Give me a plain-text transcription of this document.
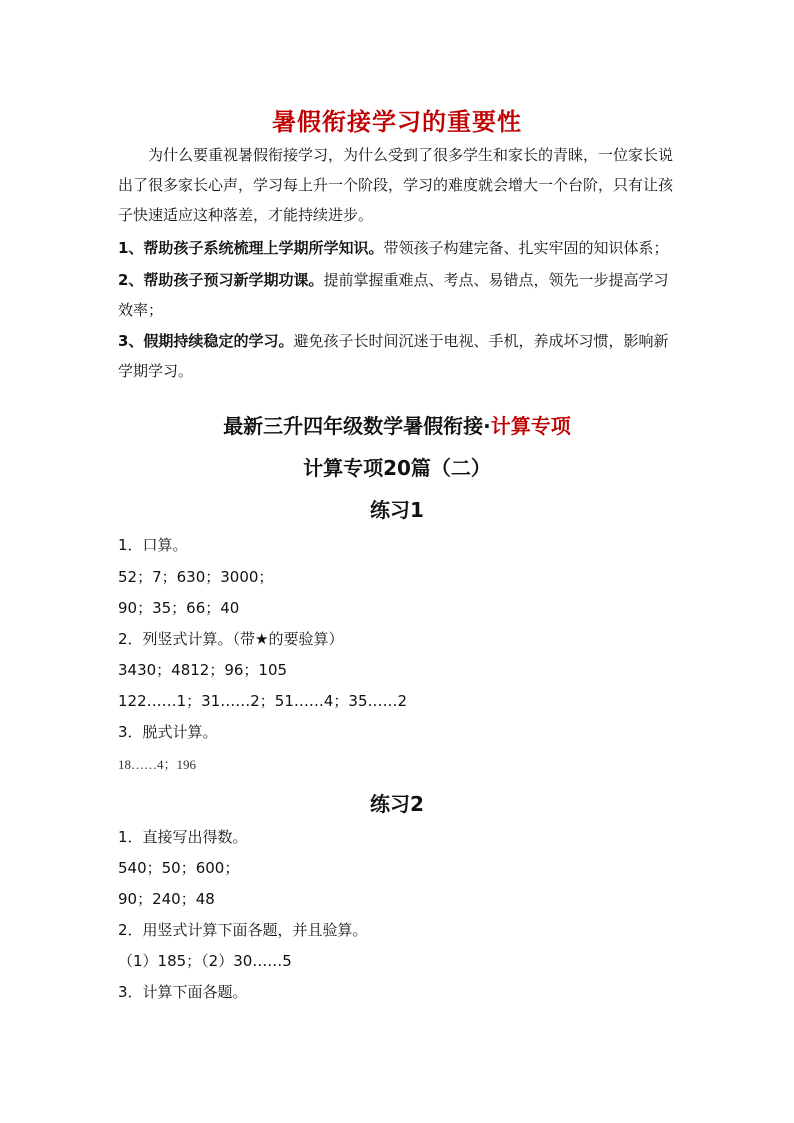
暑假衔接学习的重要性
为什么要重视暑假衔接学习，为什么受到了很多学生和家长的青睐，一位家长说出了很多家长心声，学习每上升一个阶段，学习的难度就会增大一个台阶，只有让孩子快速适应这种落差，才能持续进步。
1、帮助孩子系统梳理上学期所学知识。带领孩子构建完备、扎实牢固的知识体系；
2、帮助孩子预习新学期功课。提前掌握重难点、考点、易错点，领先一步提高学习效率；
3、假期持续稳定的学习。避免孩子长时间沉迷于电视、手机，养成坏习惯，影响新学期学习。
最新三升四年级数学暑假衔接·计算专项
计算专项20篇（二）
练习1
1．口算。
52；7；630；3000；
90；35；66；40
2．列竖式计算。（带★的要验算）
3430；4812；96；105
122……1；31……2；51……4；35……2
3．脱式计算。
18……4；196
练习2
1．直接写出得数。
540；50；600；
90；240；48
2．用竖式计算下面各题，并且验算。
（1）185；（2）30……5
3．计算下面各题。
